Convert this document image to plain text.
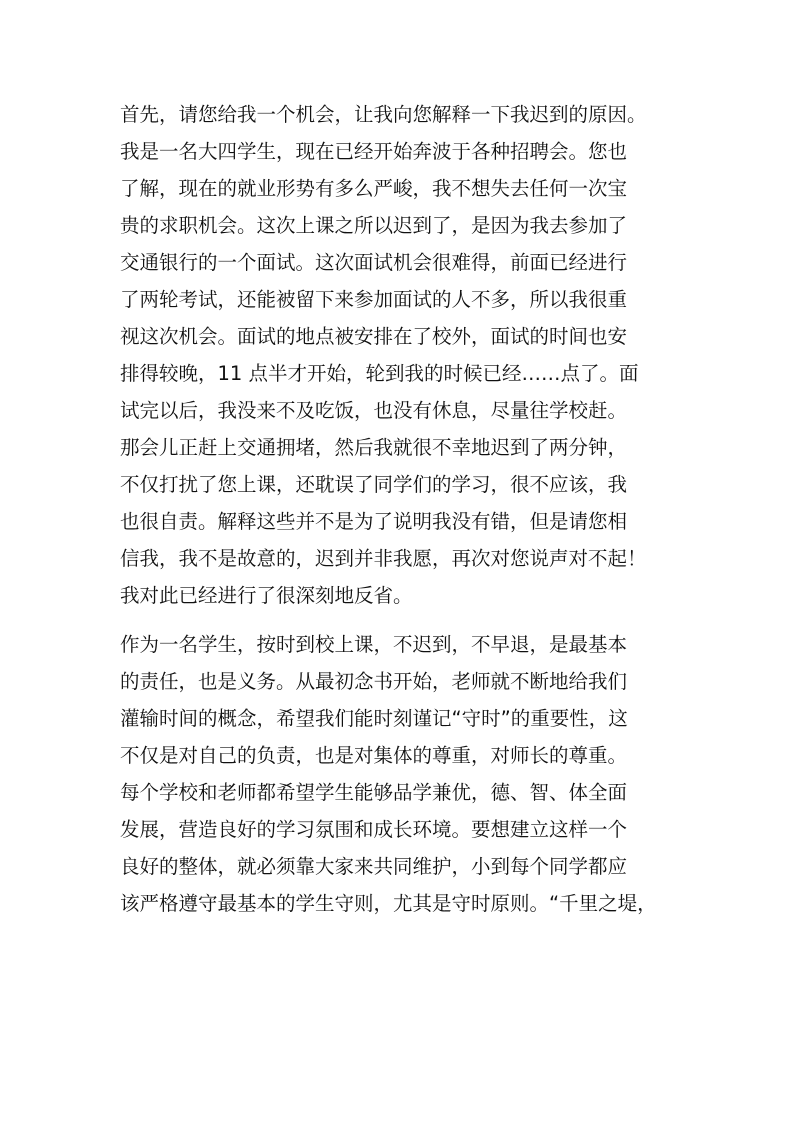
首先，请您给我一个机会，让我向您解释一下我迟到的原因。
我是一名大四学生，现在已经开始奔波于各种招聘会。您也
了解，现在的就业形势有多么严峻，我不想失去任何一次宝
贵的求职机会。这次上课之所以迟到了，是因为我去参加了
交通银行的一个面试。这次面试机会很难得，前面已经进行
了两轮考试，还能被留下来参加面试的人不多，所以我很重
视这次机会。面试的地点被安排在了校外，面试的时间也安
排得较晚，11 点半才开始，轮到我的时候已经……点了。面
试完以后，我没来不及吃饭，也没有休息，尽量往学校赶。
那会儿正赶上交通拥堵，然后我就很不幸地迟到了两分钟，
不仅打扰了您上课，还耽误了同学们的学习，很不应该，我
也很自责。解释这些并不是为了说明我没有错，但是请您相
信我，我不是故意的，迟到并非我愿，再次对您说声对不起！
我对此已经进行了很深刻地反省。

作为一名学生，按时到校上课，不迟到，不早退，是最基本
的责任，也是义务。从最初念书开始，老师就不断地给我们
灌输时间的概念，希望我们能时刻谨记“守时”的重要性，这
不仅是对自己的负责，也是对集体的尊重，对师长的尊重。
每个学校和老师都希望学生能够品学兼优，德、智、体全面
发展，营造良好的学习氛围和成长环境。要想建立这样一个
良好的整体，就必须靠大家来共同维护，小到每个同学都应
该严格遵守最基本的学生守则，尤其是守时原则。“千里之堤，
